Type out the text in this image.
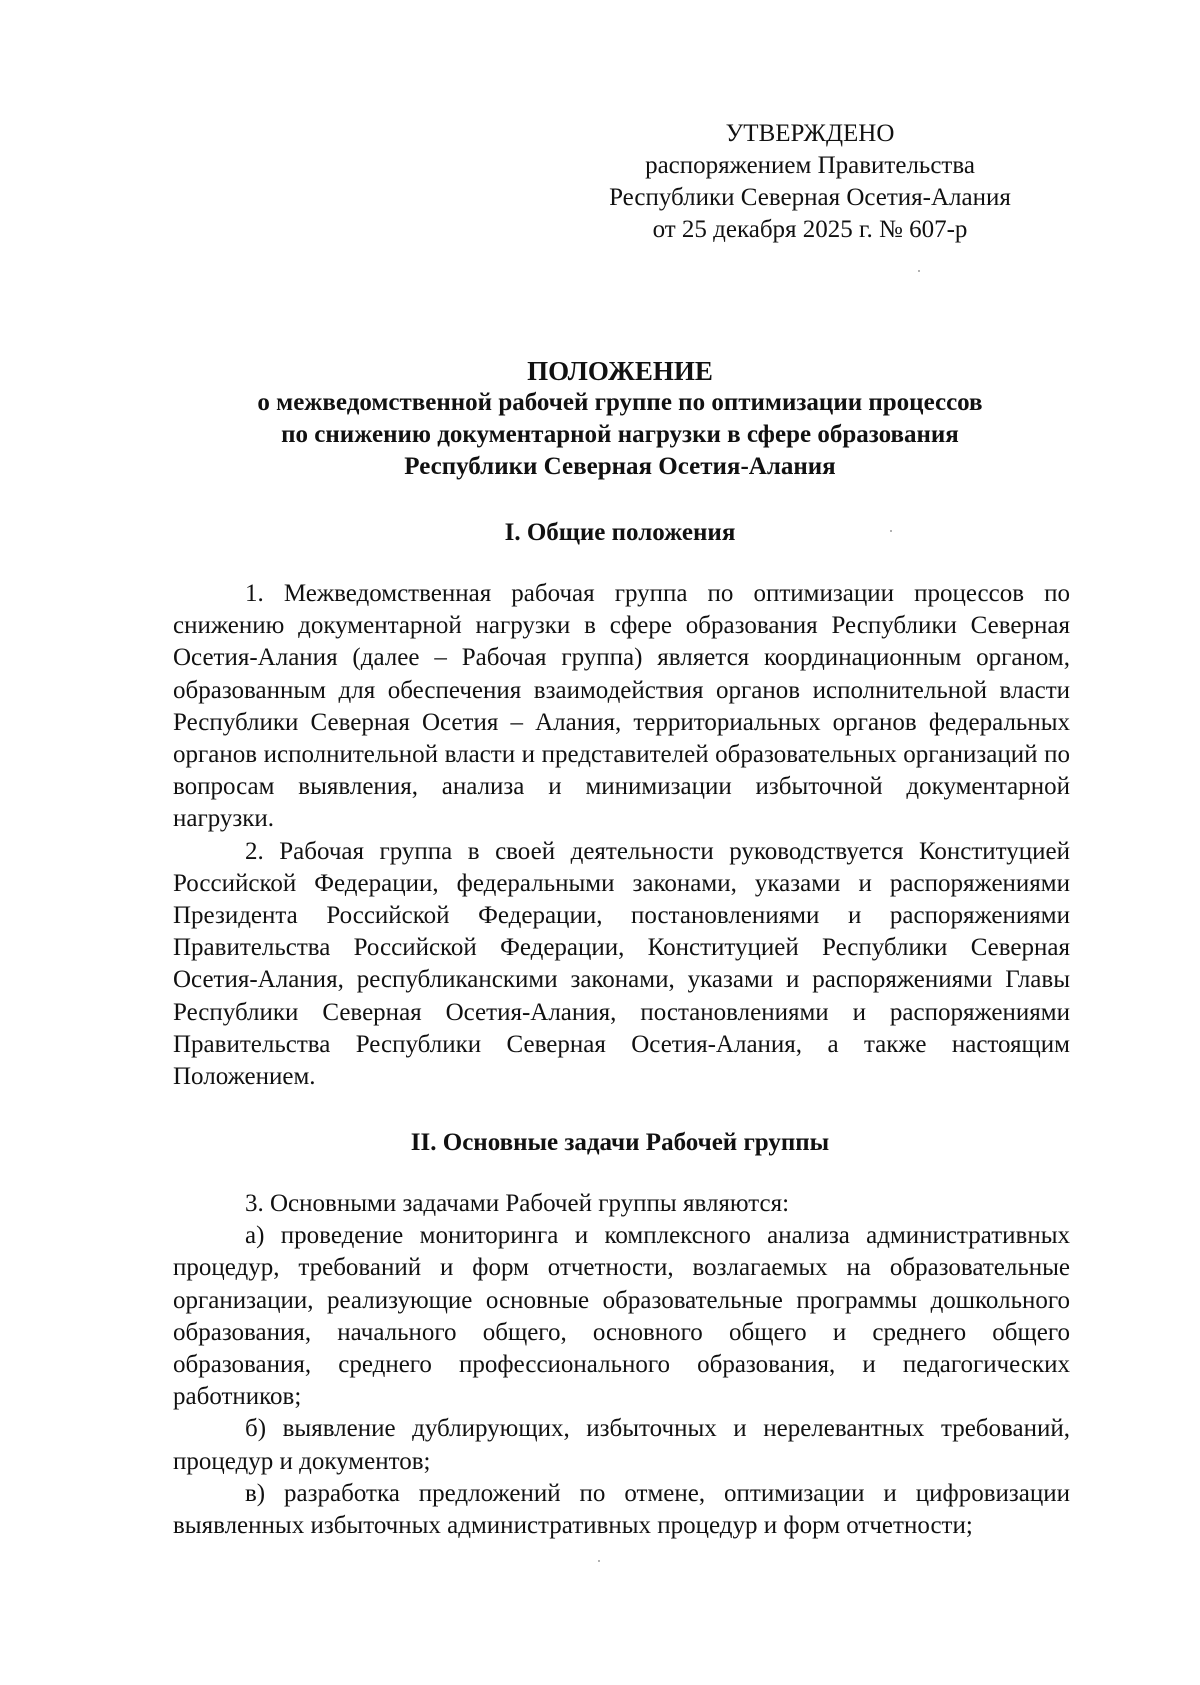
УТВЕРЖДЕНО
распоряжением Правительства
Республики Северная Осетия-Алания
от 25 декабря 2025 г. № 607-р
ПОЛОЖЕНИЕ
о межведомственной рабочей группе по оптимизации процессов
по снижению документарной нагрузки в сфере образования
Республики Северная Осетия-Алания
I. Общие положения

1. Межведомственная рабочая группа по оптимизации процессов по снижению документарной нагрузки в сфере образования Республики Северная Осетия-Алания (далее – Рабочая группа) является координационным органом, образованным для обеспечения взаимодействия органов исполнительной власти Республики Северная Осетия – Алания, территориальных органов федеральных органов исполнительной власти и представителей образовательных организаций по вопросам выявления, анализа и минимизации избыточной документарной нагрузки.

2. Рабочая группа в своей деятельности руководствуется Конституцией Российской Федерации, федеральными законами, указами и распоряжениями Президента Российской Федерации, постановлениями и распоряжениями Правительства Российской Федерации, Конституцией Республики Северная Осетия-Алания, республиканскими законами, указами и распоряжениями Главы Республики Северная Осетия-Алания, постановлениями и распоряжениями Правительства Республики Северная Осетия-Алания, а также настоящим Положением.

II. Основные задачи Рабочей группы

3. Основными задачами Рабочей группы являются:

а) проведение мониторинга и комплексного анализа административных процедур, требований и форм отчетности, возлагаемых на образовательные организации, реализующие основные образовательные программы дошкольного образования, начального общего, основного общего и среднего общего образования, среднего профессионального образования, и педагогических работников;

б) выявление дублирующих, избыточных и нерелевантных требований, процедур и документов;

в) разработка предложений по отмене, оптимизации и цифровизации выявленных избыточных административных процедур и форм отчетности;
